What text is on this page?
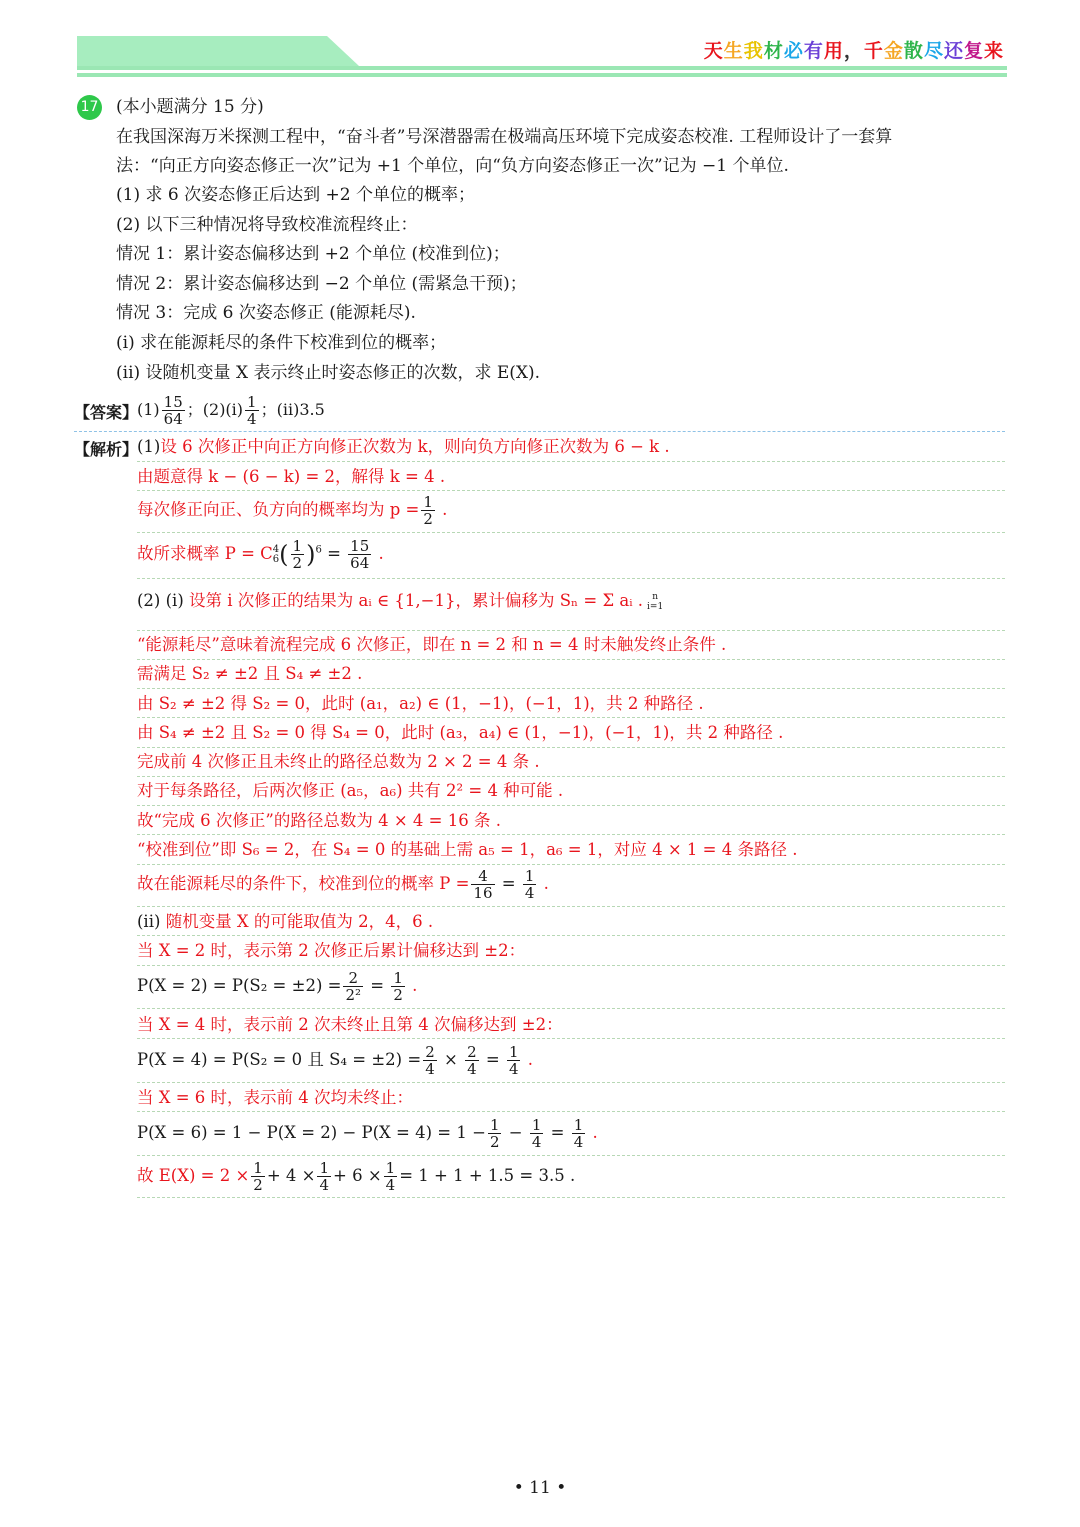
天生我材必有用，千金散尽还复来
17 (本小题满分 15 分)
在我国深海万米探测工程中，“奋斗者”号深潜器需在极端高压环境下完成姿态校准. 工程师设计了一套算
法：“向正方向姿态修正一次”记为 +1 个单位，向“负方向姿态修正一次”记为 −1 个单位.
(1) 求 6 次姿态修正后达到 +2 个单位的概率；
(2) 以下三种情况将导致校准流程终止：
情况 1：累计姿态偏移达到 +2 个单位 (校准到位)；
情况 2：累计姿态偏移达到 −2 个单位 (需紧急干预)；
情况 3：完成 6 次姿态修正 (能源耗尽).
(i) 求在能源耗尽的条件下校准到位的概率；
(ii) 设随机变量 X 表示终止时姿态修正的次数，求 E(X).
【答案】
$(1) \frac{15}{64}$ ；$(2)(i) \frac{1}{4}$ ；(ii)3.5
【解析】
(1)设 6 次修正中向正方向修正次数为 k，则向负方向修正次数为 6 − k .
由题意得 k − (6 − k) = 2，解得 k = 4 .
每次修正向正、负方向的概率均为 $p = \frac{1}{2}$ .
故所求概率 P = C 4
6 ( $\frac{1}{2} )^6 = \frac{15}{64}$ .
(2) (i) 设第 i 次修正的结果为 aᵢ ∈ {1,−1}，累计偏移为 Sₙ = Σ aᵢ .	n
i=1
“能源耗尽”意味着流程完成 6 次修正，即在 n = 2 和 n = 4 时未触发终止条件 .
需满足 S₂ ≠ ±2 且 S₄ ≠ ±2 .
由 S₂ ≠ ±2 得 S₂ = 0，此时 (a₁，a₂) ∈ (1，−1)，(−1，1)，共 2 种路径 .
由 S₄ ≠ ±2 且 S₂ = 0 得 S₄ = 0，此时 (a₃，a₄) ∈ (1，−1)，(−1，1)，共 2 种路径 .
完成前 4 次修正且未终止的路径总数为 2 × 2 = 4 条 .
对于每条路径，后两次修正 (a₅，a₆) 共有 2² = 4 种可能 .
故“完成 6 次修正”的路径总数为 4 × 4 = 16 条 .
“校准到位”即 S₆ = 2，在 S₄ = 0 的基础上需 a₅ = 1，a₆ = 1，对应 4 × 1 = 4 条路径 .
故在能源耗尽的条件下，校准到位的概率 $P = \frac{4}{16} = \frac{1}{4}$ .
(ii) 随机变量 X 的可能取值为 2，4，6 .
当 X = 2 时，表示第 2 次修正后累计偏移达到 ±2：
$P(X = 2) = P(S_2 = \pm 2) = \frac{2}{\text{2²}} = \frac{1}{2}$ .
当 X = 4 时，表示前 2 次未终止且第 4 次偏移达到 ±2：
P(X = 4) = P(S₂ = 0 且 $S_4 = \pm 2) = \frac{2}{4} \times \frac{2}{4} = \frac{1}{4}$ .
当 X = 6 时，表示前 4 次均未终止：
$P(X = 6) = 1 - P(X = 2) - P(X = 4) = 1 - \frac{1}{2} - \frac{1}{4} = \frac{1}{4}$ .
故 $E(X) = 2 \times \frac{1}{2} + 4 \times \frac{1}{4} + 6 \times \frac{1}{4} = 1 + 1 + 1.5 = 3.5$ .
• 11 •
